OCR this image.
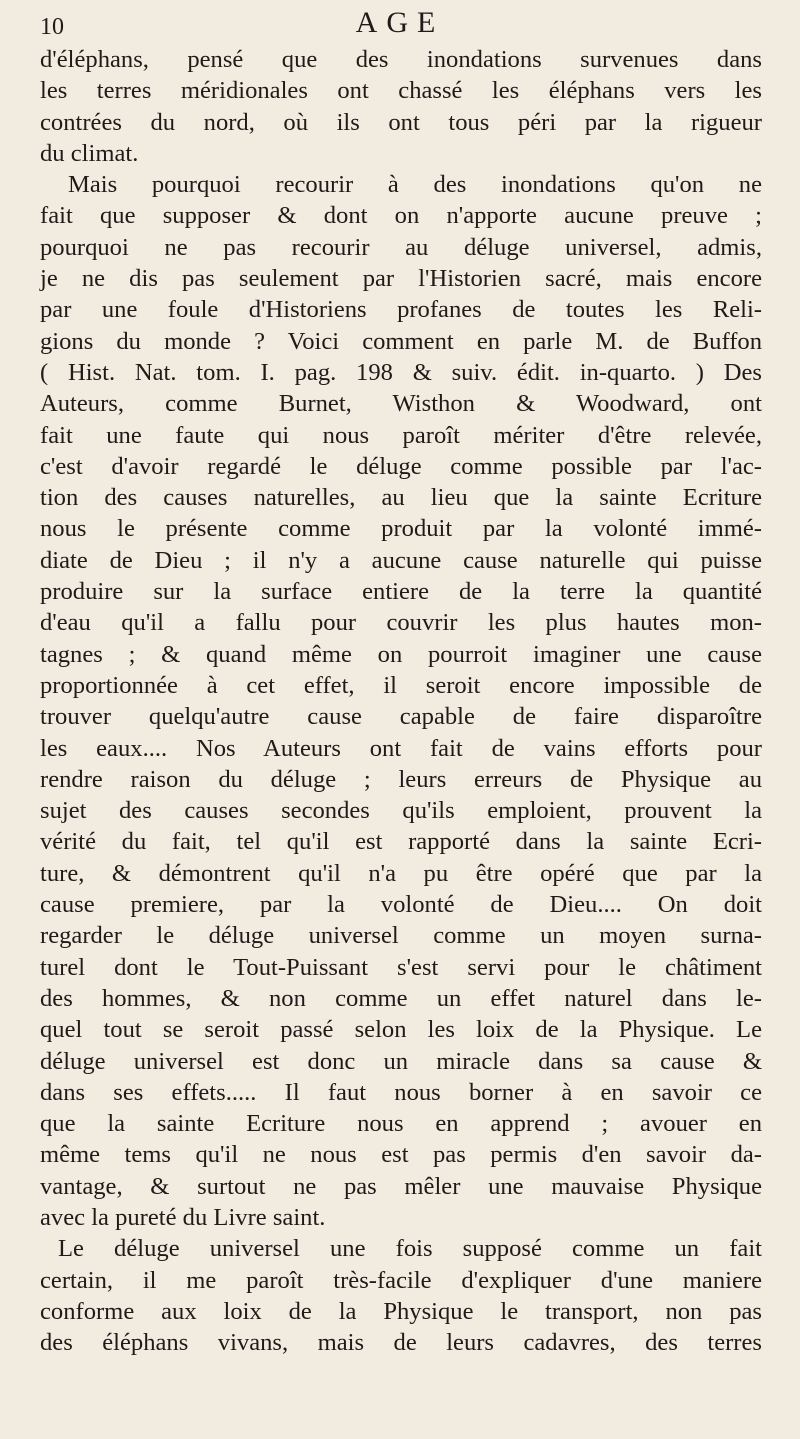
10	AGE
d'éléphans, pensé que des inondations survenues dans
les terres méridionales ont chassé les éléphans vers les
contrées du nord, où ils ont tous péri par la rigueur
du climat.
Mais pourquoi recourir à des inondations qu'on ne
fait que supposer & dont on n'apporte aucune preuve ;
pourquoi ne pas recourir au déluge universel, admis,
je ne dis pas seulement par l'Historien sacré, mais encore
par une foule d'Historiens profanes de toutes les Reli-
gions du monde ? Voici comment en parle M. de Buffon
( Hist. Nat. tom. I. pag. 198 & suiv. édit. in-quarto. ) Des
Auteurs, comme Burnet, Wisthon & Woodward, ont
fait une faute qui nous paroît mériter d'être relevée,
c'est d'avoir regardé le déluge comme possible par l'ac-
tion des causes naturelles, au lieu que la sainte Ecriture
nous le présente comme produit par la volonté immé-
diate de Dieu ; il n'y a aucune cause naturelle qui puisse
produire sur la surface entiere de la terre la quantité
d'eau qu'il a fallu pour couvrir les plus hautes mon-
tagnes ; & quand même on pourroit imaginer une cause
proportionnée à cet effet, il seroit encore impossible de
trouver quelqu'autre cause capable de faire disparoître
les eaux.... Nos Auteurs ont fait de vains efforts pour
rendre raison du déluge ; leurs erreurs de Physique au
sujet des causes secondes qu'ils emploient, prouvent la
vérité du fait, tel qu'il est rapporté dans la sainte Ecri-
ture, & démontrent qu'il n'a pu être opéré que par la
cause premiere, par la volonté de Dieu.... On doit
regarder le déluge universel comme un moyen surna-
turel dont le Tout-Puissant s'est servi pour le châtiment
des hommes, & non comme un effet naturel dans le-
quel tout se seroit passé selon les loix de la Physique. Le
déluge universel est donc un miracle dans sa cause &
dans ses effets..... Il faut nous borner à en savoir ce
que la sainte Ecriture nous en apprend ; avouer en
même tems qu'il ne nous est pas permis d'en savoir da-
vantage, & surtout ne pas mêler une mauvaise Physique
avec la pureté du Livre saint.
Le déluge universel une fois supposé comme un fait
certain, il me paroît très-facile d'expliquer d'une maniere
conforme aux loix de la Physique le transport, non pas
des éléphans vivans, mais de leurs cadavres, des terres
